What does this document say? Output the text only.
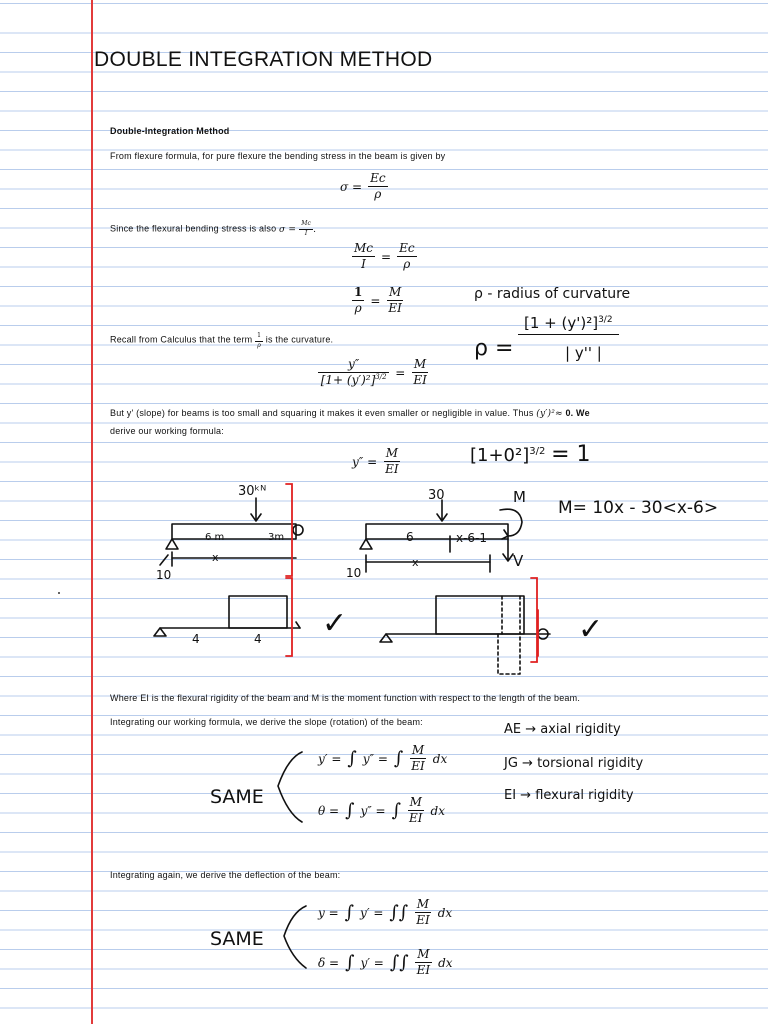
DOUBLE INTEGRATION METHOD
Double-Integration Method
From flexure formula, for pure flexure the bending stress in the beam is given by
$\sigma = \frac{Ec}{\rho}$
Since the flexural bending stress is also $\sigma = \frac{Mc}{I}$ .
$\frac{Mc}{I} = \frac{Ec}{\rho}$
$\frac{1}{\rho} = \frac{M}{EI}$
Recall from Calculus that the term $\frac{1}{\rho}$ is the curvature.
$\frac{y''}{[1+ (y')^2]^{3/2}} = \frac{M}{EI}$
But y' (slope) for beams is too small and squaring it makes it even smaller or negligible in value. Thus (y′)²≈ 0. We
derive our working formula:
$y'' = \frac{M}{EI}$
Where EI is the flexural rigidity of the beam and M is the moment function with respect to the length of the beam.
Integrating our working formula, we derive the slope (rotation) of the beam:
y′ = ∫ y″ = ∫ $\frac{M}{EI}$ dx
θ = ∫ y″ = ∫ $\frac{M}{EI}$ dx
Integrating again, we derive the deflection of the beam:
y = ∫ y′ = ∫∫ $\frac{M}{EI}$ dx
δ = ∫ y′ = ∫∫ $\frac{M}{EI}$ dx
ρ - radius of curvature
ρ =
$[1 + (y')^2]^{3/2}$
| y'' |
$[1+0^2]^{3/2} = 1$
M= 10x - 30<x-6>
AE → axial rigidity
JG → torsional rigidity
EI → flexural rigidity
SAME
SAME
30ᵏᴺ
6 m	3m
x
10
30
6	x-6-1
x
10
M
V
4	4 ✓	✓
